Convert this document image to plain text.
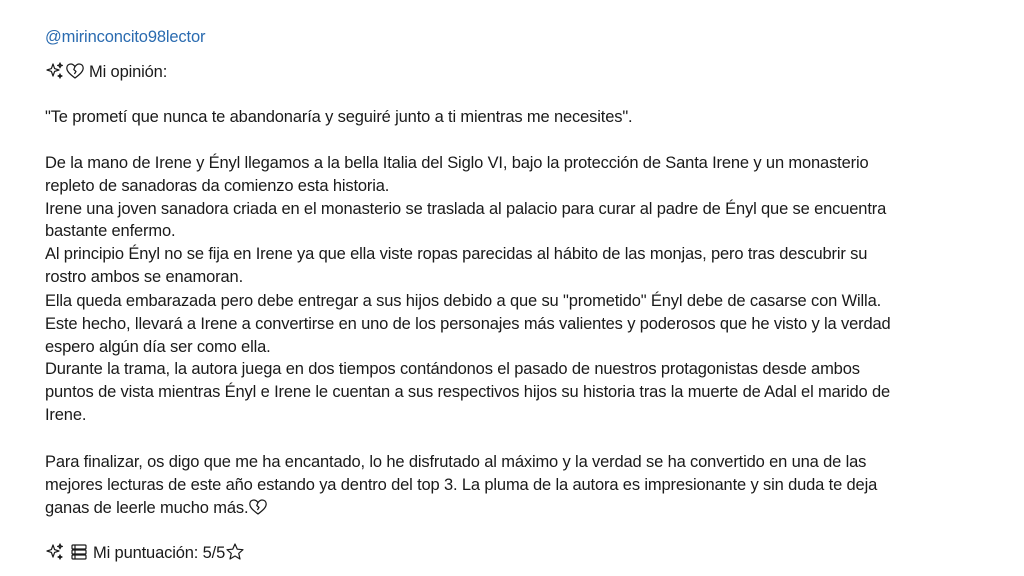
@mirinconcito98lector
Mi opinión:
"Te prometí que nunca te abandonaría y seguiré junto a ti mientras me necesites".
De la mano de Irene y Ényl llegamos a la bella Italia del Siglo VI, bajo la protección de Santa Irene y un monasterio
repleto de sanadoras da comienzo esta historia.
Irene una joven sanadora criada en el monasterio se traslada al palacio para curar al padre de Ényl que se encuentra
bastante enfermo.
Al principio Ényl no se fija en Irene ya que ella viste ropas parecidas al hábito de las monjas, pero tras descubrir su
rostro ambos se enamoran.
Ella queda embarazada pero debe entregar a sus hijos debido a que su "prometido" Ényl debe de casarse con Willa.
Este hecho, llevará a Irene a convertirse en uno de los personajes más valientes y poderosos que he visto y la verdad
espero algún día ser como ella.
Durante la trama, la autora juega en dos tiempos contándonos el pasado de nuestros protagonistas desde ambos
puntos de vista mientras Ényl e Irene le cuentan a sus respectivos hijos su historia tras la muerte de Adal el marido de
Irene.
Para finalizar, os digo que me ha encantado, lo he disfrutado al máximo y la verdad se ha convertido en una de las
mejores lecturas de este año estando ya dentro del top 3. La pluma de la autora es impresionante y sin duda te deja
ganas de leerle mucho más.
Mi puntuación: 5/5
